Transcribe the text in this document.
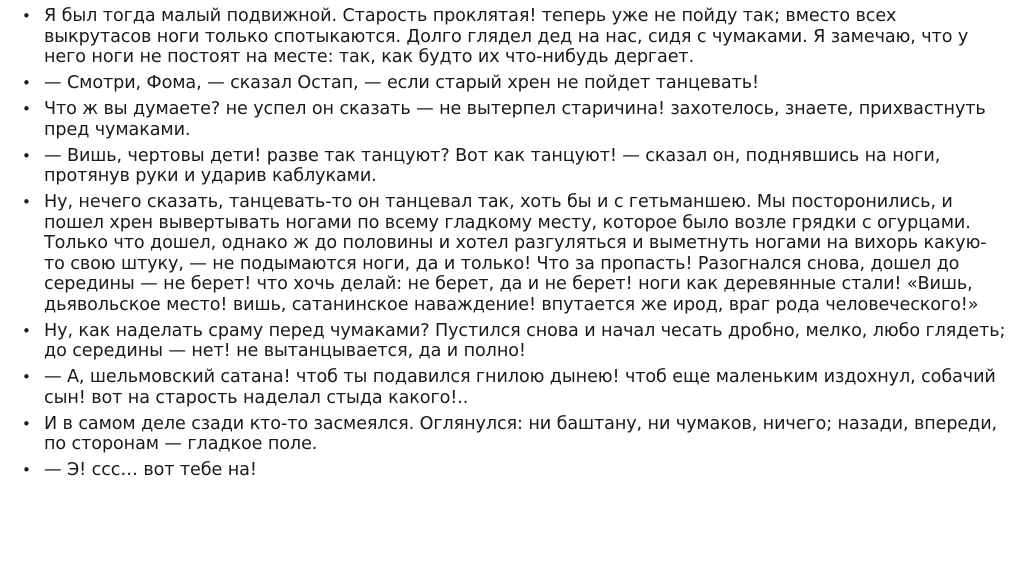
• Я был тогда малый подвижной. Старость проклятая! теперь уже не пойду так; вместо всех выкрутасов ноги только спотыкаются. Долго глядел дед на нас, сидя с чумаками. Я замечаю, что у него ноги не постоят на месте: так, как будто их что-нибудь дергает.
• — Смотри, Фома, — сказал Остап, — если старый хрен не пойдет танцевать!
• Что ж вы думаете? не успел он сказать — не вытерпел старичина! захотелось, знаете, прихвастнуть пред чумаками.
• — Вишь, чертовы дети! разве так танцуют? Вот как танцуют! — сказал он, поднявшись на ноги, протянув руки и ударив каблуками.
• Ну, нечего сказать, танцевать-то он танцевал так, хоть бы и с гетьманшею. Мы посторонились, и пошел хрен вывертывать ногами по всему гладкому месту, которое было возле грядки с огурцами. Только что дошел, однако ж до половины и хотел разгуляться и выметнуть ногами на вихорь какую-то свою штуку, — не подымаются ноги, да и только! Что за пропасть! Разогнался снова, дошел до середины — не берет! что хочь делай: не берет, да и не берет! ноги как деревянные стали! «Вишь, дьявольское место! вишь, сатанинское наваждение! впутается же ирод, враг рода человеческого!»
• Ну, как наделать сраму перед чумаками? Пустился снова и начал чесать дробно, мелко, любо глядеть; до середины — нет! не вытанцывается, да и полно!
• — А, шельмовский сатана! чтоб ты подавился гнилою дынею! чтоб еще маленьким издохнул, собачий сын! вот на старость наделал стыда какого!..
• И в самом деле сзади кто-то засмеялся. Оглянулся: ни баштану, ни чумаков, ничего; назади, впереди, по сторонам — гладкое поле.
• — Э! ссс… вот тебе на!
